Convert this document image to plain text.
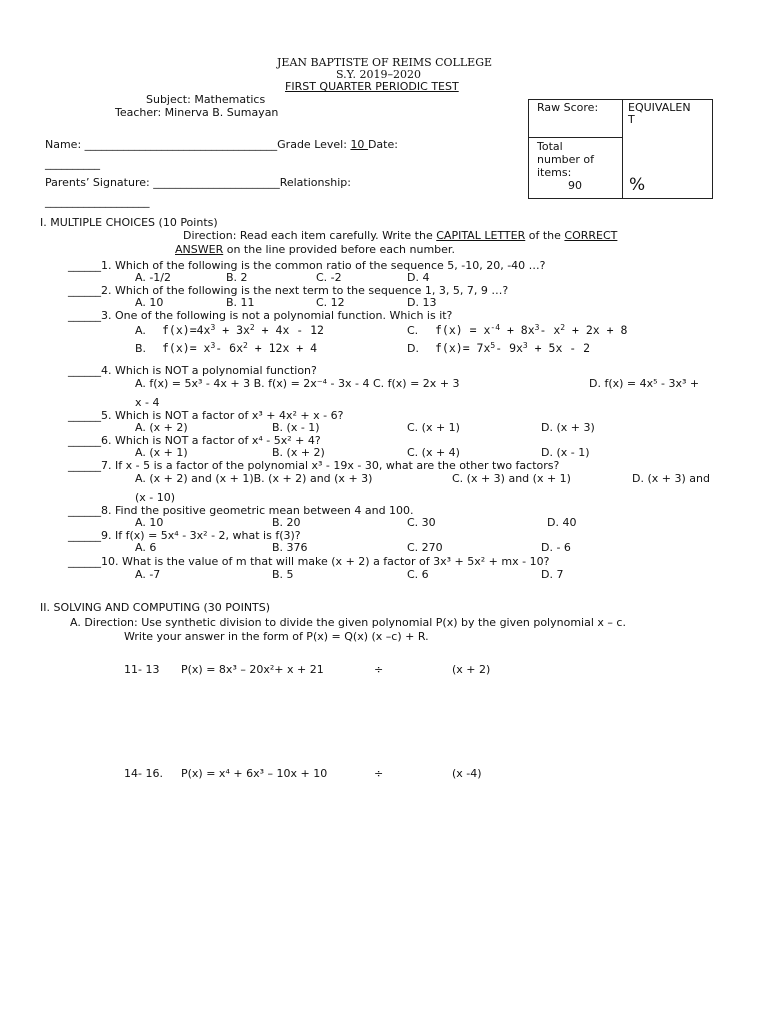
JEAN BAPTISTE OF REIMS COLLEGE
S.Y. 2019–2020
FIRST QUARTER PERIODIC TEST
Subject: Mathematics
Teacher: Minerva B. Sumayan
Name: ___________________________________Grade Level: 10 Date:
__________
Parents’ Signature: _______________________Relationship:
___________________
Raw Score:	EQUIVALEN
T
Total
number of
items:
90	%
I. MULTIPLE CHOICES (10 Points)
Direction: Read each item carefully. Write the CAPITAL LETTER of the CORRECT
ANSWER on the line provided before each number.
______1. Which of the following is the common ratio of the sequence 5, -10, 20, -40 …?
A. -1/2	B. 2	C. -2	D. 4
______2. Which of the following is the next term to the sequence 1, 3, 5, 7, 9 …?
A. 10	B. 11	C. 12	D. 13
______3. One of the following is not a polynomial function. Which is it?
A. $f(x)=4x^3 + 3x^2 + 4x - 12$	C. $f(x) = x^{-4} + 8x^3-$ $x^2 + 2x + 8$
B. $f(x)= x^3-$ $6x^2 + 12x + 4$	D. $f(x)= 7x^5-$ $9x^3 + 5x - 2$
______4. Which is NOT a polynomial function?
A. f(x) = 5x³ - 4x + 3 B. f(x) = 2x⁻⁴ - 3x - 4 C. f(x) = 2x + 3	D. f(x) = 4x⁵ - 3x³ +
x - 4
______5. Which is NOT a factor of x³ + 4x² + x - 6?
A. (x + 2)	B. (x - 1)	C. (x + 1)	D. (x + 3)
______6. Which is NOT a factor of x⁴ - 5x² + 4?
A. (x + 1)	B. (x + 2)	C. (x + 4)	D. (x - 1)
______7. If x - 5 is a factor of the polynomial x³ - 19x - 30, what are the other two factors?
A. (x + 2) and (x + 1)B. (x + 2) and (x + 3)	C. (x + 3) and (x + 1)	D. (x + 3) and
(x - 10)
______8. Find the positive geometric mean between 4 and 100.
A. 10	B. 20	C. 30	D. 40
______9. If f(x) = 5x⁴ - 3x² - 2, what is f(3)?
A. 6	B. 376	C. 270	D. - 6
______10. What is the value of m that will make (x + 2) a factor of 3x³ + 5x² + mx - 10?
A. -7	B. 5	C. 6	D. 7
II. SOLVING AND COMPUTING (30 POINTS)
A. Direction: Use synthetic division to divide the given polynomial P(x) by the given polynomial x – c.
Write your answer in the form of P(x) = Q(x) (x –c) + R.
11- 13 P(x) = 8x³ – 20x²+ x + 21	÷	(x + 2)
14- 16. P(x) = x⁴ + 6x³ – 10x + 10	÷	(x -4)
